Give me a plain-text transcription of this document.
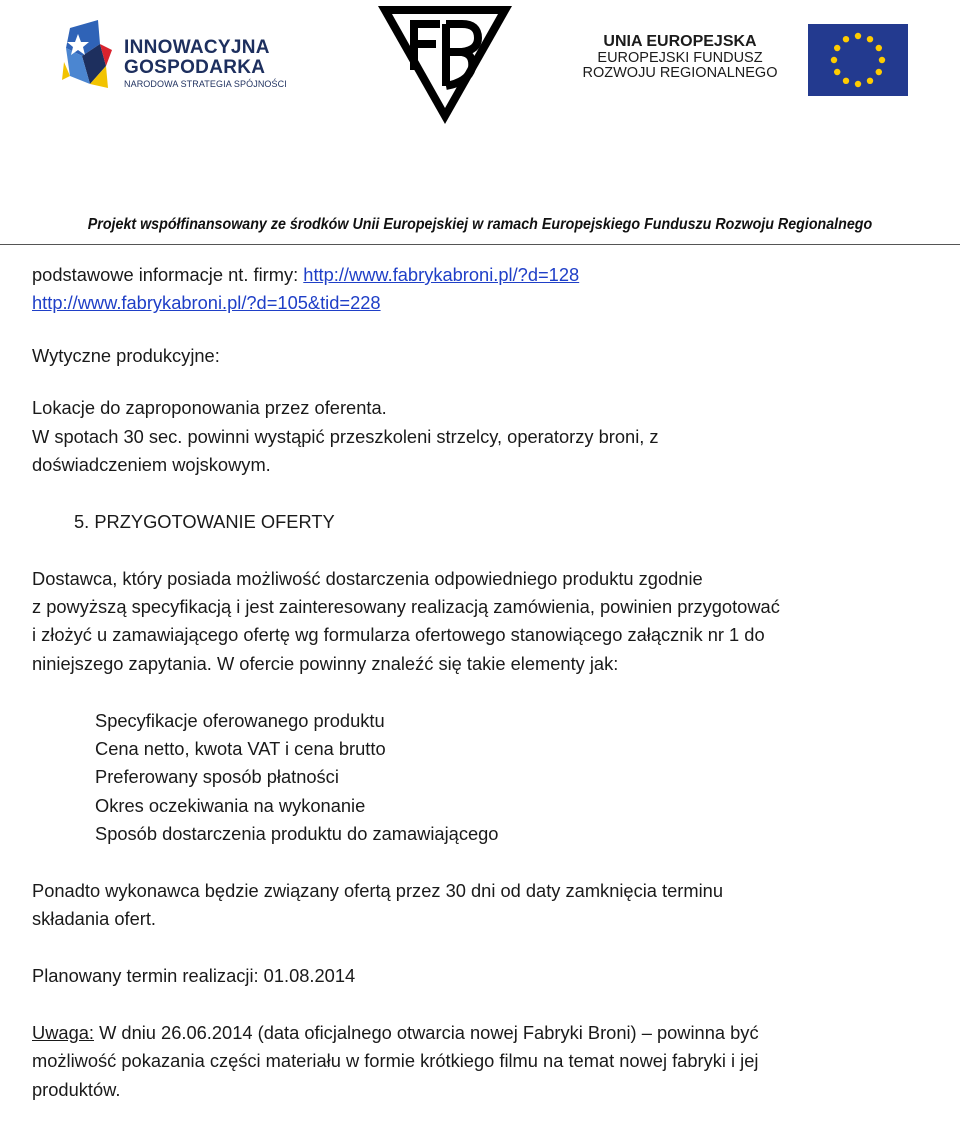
INNOWACYJNA
GOSPODARKA
NARODOWA STRATEGIA SPÓJNOŚCI
UNIA EUROPEJSKA
EUROPEJSKI FUNDUSZ
ROZWOJU REGIONALNEGO
Projekt współfinansowany ze środków Unii Europejskiej w ramach Europejskiego Funduszu Rozwoju Regionalnego

podstawowe informacje nt. firmy: http://www.fabrykabroni.pl/?d=128

http://www.fabrykabroni.pl/?d=105&tid=228

Wytyczne produkcyjne:

Lokacje do zaproponowania przez oferenta.

W spotach 30 sec. powinni wystąpić przeszkoleni strzelcy, operatorzy broni, z

doświadczeniem wojskowym.

5. PRZYGOTOWANIE OFERTY

Dostawca, który posiada możliwość dostarczenia odpowiedniego produktu zgodnie

z powyższą specyfikacją i jest zainteresowany realizacją zamówienia, powinien przygotować

i złożyć u zamawiającego ofertę wg formularza ofertowego stanowiącego załącznik nr 1 do

niniejszego zapytania. W ofercie powinny znaleźć się takie elementy jak:

Specyfikacje oferowanego produktu

Cena netto, kwota VAT i cena brutto

Preferowany sposób płatności

Okres oczekiwania na wykonanie

Sposób dostarczenia produktu do zamawiającego

Ponadto wykonawca będzie związany ofertą przez 30 dni od daty zamknięcia terminu

składania ofert.

Planowany termin realizacji: 01.08.2014

Uwaga: W dniu 26.06.2014 (data oficjalnego otwarcia nowej Fabryki Broni) – powinna być

możliwość pokazania części materiału w formie krótkiego filmu na temat nowej fabryki i jej

produktów.
